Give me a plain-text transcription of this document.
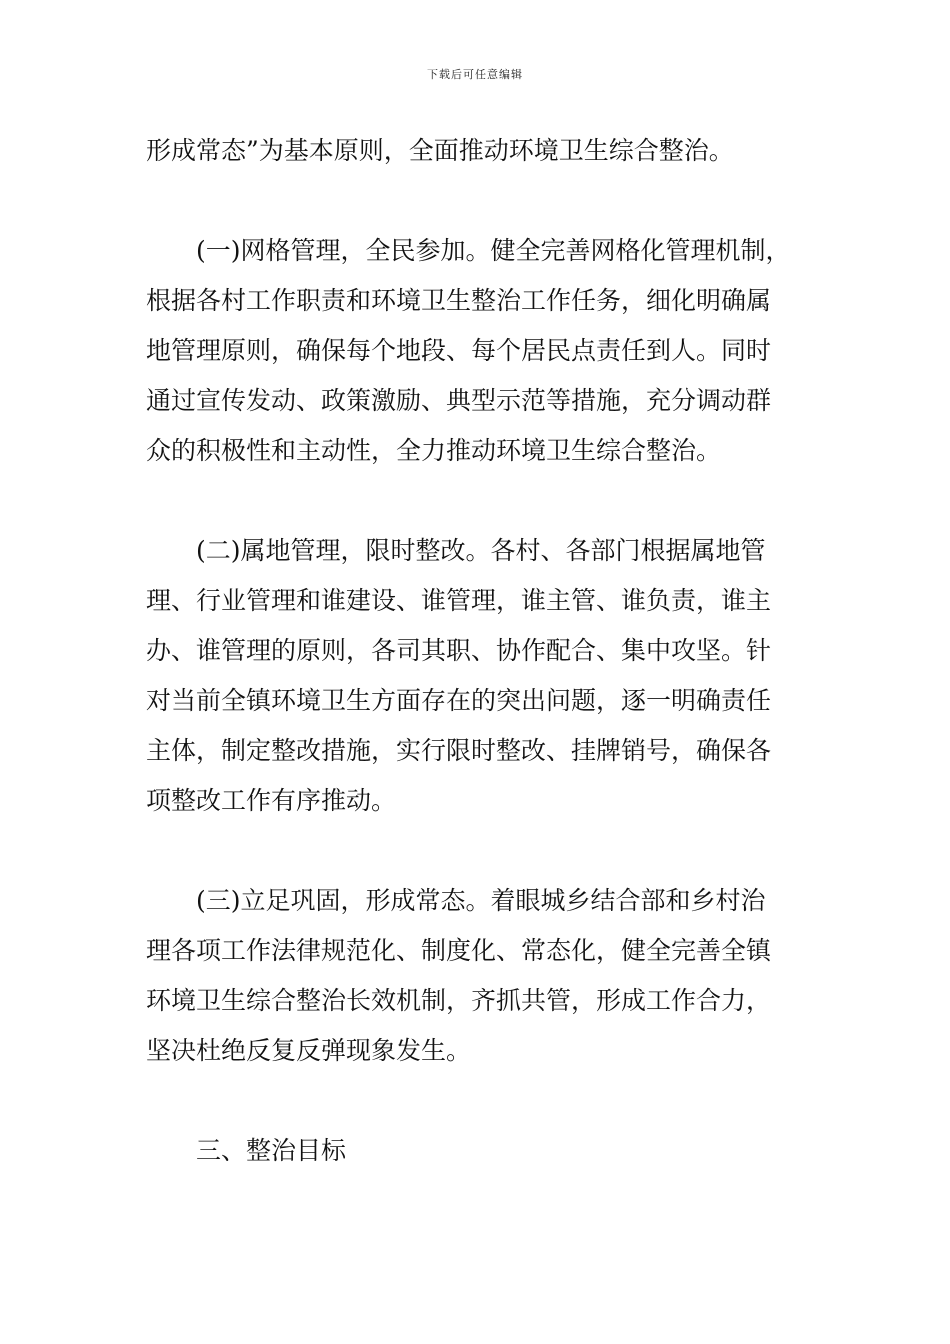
下载后可任意编辑
形成常态”为基本原则，全面推动环境卫生综合整治。
(一)网格管理，全民参加。健全完善网格化管理机制，
根据各村工作职责和环境卫生整治工作任务，细化明确属
地管理原则，确保每个地段、每个居民点责任到人。同时
通过宣传发动、政策激励、典型示范等措施，充分调动群
众的积极性和主动性，全力推动环境卫生综合整治。
(二)属地管理，限时整改。各村、各部门根据属地管
理、行业管理和谁建设、谁管理，谁主管、谁负责，谁主
办、谁管理的原则，各司其职、协作配合、集中攻坚。针
对当前全镇环境卫生方面存在的突出问题，逐一明确责任
主体，制定整改措施，实行限时整改、挂牌销号，确保各
项整改工作有序推动。
(三)立足巩固，形成常态。着眼城乡结合部和乡村治
理各项工作法律规范化、制度化、常态化，健全完善全镇
环境卫生综合整治长效机制，齐抓共管，形成工作合力，
坚决杜绝反复反弹现象发生。
三、整治目标
